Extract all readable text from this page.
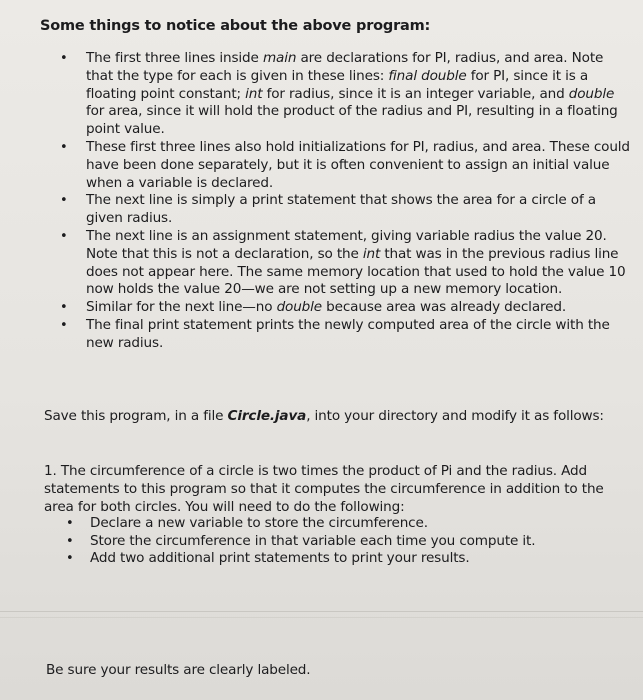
Some things to notice about the above program:
• The first three lines inside main are declarations for PI, radius, and area. Note that the type for each is given in these lines: final double for PI, since it is a floating point constant; int for radius, since it is an integer variable, and double for area, since it will hold the product of the radius and PI, resulting in a floating point value.
• These first three lines also hold initializations for PI, radius, and area. These could have been done separately, but it is often convenient to assign an initial value when a variable is declared.
• The next line is simply a print statement that shows the area for a circle of a given radius.
• The next line is an assignment statement, giving variable radius the value 20. Note that this is not a declaration, so the int that was in the previous radius line does not appear here. The same memory location that used to hold the value 10 now holds the value 20—we are not setting up a new memory location.
• Similar for the next line—no double because area was already declared.
• The final print statement prints the newly computed area of the circle with the new radius.
Save this program, in a file Circle.java, into your directory and modify it as follows:
1. The circumference of a circle is two times the product of Pi and the radius. Add statements to this program so that it computes the circumference in addition to the area for both circles. You will need to do the following:
• Declare a new variable to store the circumference.
• Store the circumference in that variable each time you compute it.
• Add two additional print statements to print your results.
Be sure your results are clearly labeled.
